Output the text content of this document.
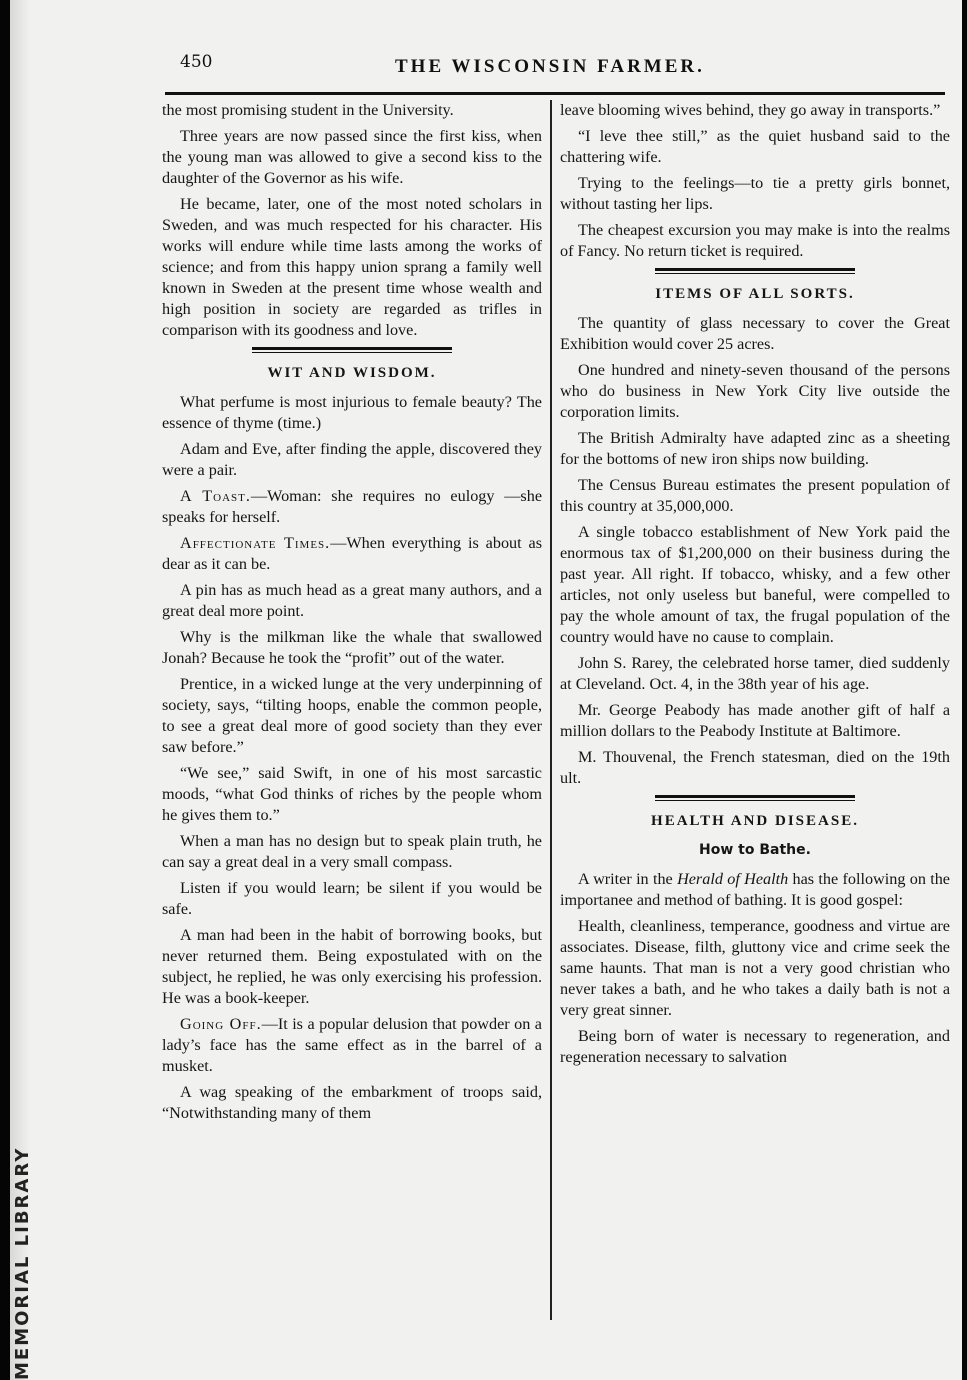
MEMORIAL LIBRARY
450	THE WISCONSIN FARMER.

the most promising student in the University.

Three years are now passed since the first kiss, when the young man was allowed to give a second kiss to the daughter of the Governor as his wife.

He became, later, one of the most noted scholars in Sweden, and was much respected for his character. His works will endure while time lasts among the works of science; and from this happy union sprang a family well known in Sweden at the present time whose wealth and high position in society are regarded as trifles in comparison with its goodness and love.

WIT AND WISDOM.

What perfume is most injurious to female beauty? The essence of thyme (time.)

Adam and Eve, after finding the apple, discovered they were a pair.

A Toast.—Woman: she requires no eulogy —she speaks for herself.

Affectionate Times.—When everything is about as dear as it can be.

A pin has as much head as a great many authors, and a great deal more point.

Why is the milkman like the whale that swallowed Jonah? Because he took the “profit” out of the water.

Prentice, in a wicked lunge at the very underpinning of society, says, “tilting hoops, enable the common people, to see a great deal more of good society than they ever saw before.”

“We see,” said Swift, in one of his most sarcastic moods, “what God thinks of riches by the people whom he gives them to.”

When a man has no design but to speak plain truth, he can say a great deal in a very small compass.

Listen if you would learn; be silent if you would be safe.

A man had been in the habit of borrowing books, but never returned them. Being expostulated with on the subject, he replied, he was only exercising his profession. He was a book-keeper.

Going Off.—It is a popular delusion that powder on a lady’s face has the same effect as in the barrel of a musket.

A wag speaking of the embarkment of troops said, “Notwithstanding many of them

leave blooming wives behind, they go away in transports.”

“I leve thee still,” as the quiet husband said to the chattering wife.

Trying to the feelings—to tie a pretty girls bonnet, without tasting her lips.

The cheapest excursion you may make is into the realms of Fancy. No return ticket is required.

ITEMS OF ALL SORTS.

The quantity of glass necessary to cover the Great Exhibition would cover 25 acres.

One hundred and ninety-seven thousand of the persons who do business in New York City live outside the corporation limits.

The British Admiralty have adapted zinc as a sheeting for the bottoms of new iron ships now building.

The Census Bureau estimates the present population of this country at 35,000,000.

A single tobacco establishment of New York paid the enormous tax of $1,200,000 on their business during the past year. All right. If tobacco, whisky, and a few other articles, not only useless but baneful, were compelled to pay the whole amount of tax, the frugal population of the country would have no cause to complain.

John S. Rarey, the celebrated horse tamer, died suddenly at Cleveland. Oct. 4, in the 38th year of his age.

Mr. George Peabody has made another gift of half a million dollars to the Peabody Institute at Baltimore.

M. Thouvenal, the French statesman, died on the 19th ult.

HEALTH AND DISEASE.
How to Bathe.

A writer in the Herald of Health has the following on the importanee and method of bathing. It is good gospel:

Health, cleanliness, temperance, goodness and virtue are associates. Disease, filth, gluttony vice and crime seek the same haunts. That man is not a very good christian who never takes a bath, and he who takes a daily bath is not a very great sinner.

Being born of water is necessary to regeneration, and regeneration necessary to salvation
